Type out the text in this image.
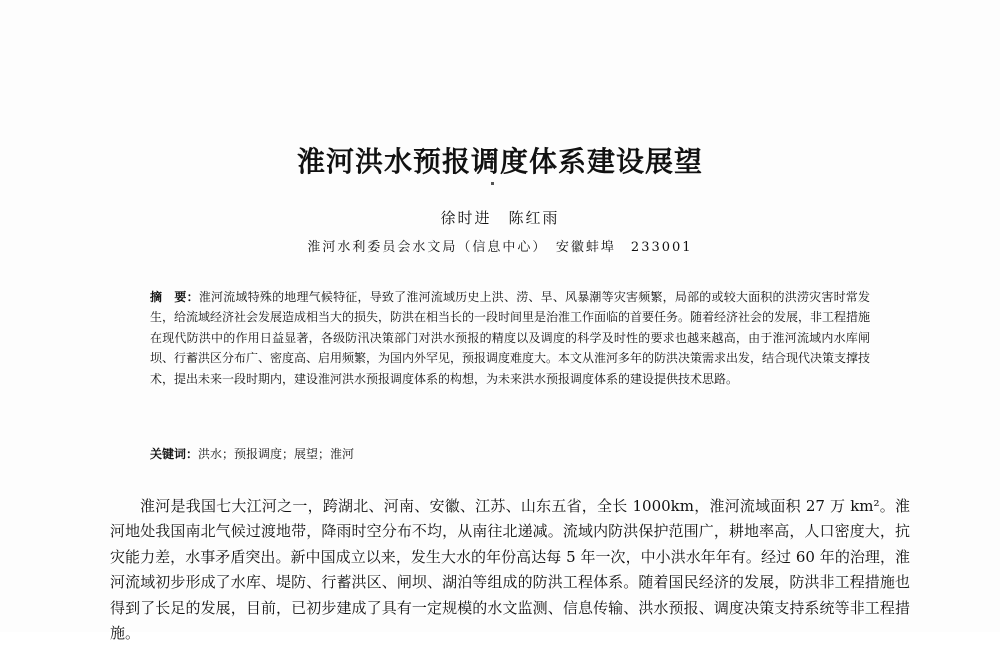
淮河洪水预报调度体系建设展望
徐时进　陈红雨
淮河水利委员会水文局（信息中心）　安徽蚌埠　233001
摘　要：淮河流域特殊的地理气候特征，导致了淮河流域历史上洪、涝、旱、风暴潮等灾害频繁，局部的或较大面积的洪涝灾害时常发生，给流域经济社会发展造成相当大的损失，防洪在相当长的一段时间里是治淮工作面临的首要任务。随着经济社会的发展，非工程措施在现代防洪中的作用日益显著，各级防汛决策部门对洪水预报的精度以及调度的科学及时性的要求也越来越高，由于淮河流域内水库闸坝、行蓄洪区分布广、密度高、启用频繁，为国内外罕见，预报调度难度大。本文从淮河多年的防洪决策需求出发，结合现代决策支撑技术，提出未来一段时期内，建设淮河洪水预报调度体系的构想，为未来洪水预报调度体系的建设提供技术思路。
关键词：洪水；预报调度；展望；淮河

淮河是我国七大江河之一，跨湖北、河南、安徽、江苏、山东五省，全长 1000km，淮河流域面积 27 万 km²。淮河地处我国南北气候过渡地带，降雨时空分布不均，从南往北递减。流域内防洪保护范围广，耕地率高，人口密度大，抗灾能力差，水事矛盾突出。新中国成立以来，发生大水的年份高达每 5 年一次，中小洪水年年有。经过 60 年的治理，淮河流域初步形成了水库、堤防、行蓄洪区、闸坝、湖泊等组成的防洪工程体系。随着国民经济的发展，防洪非工程措施也得到了长足的发展，目前，已初步建成了具有一定规模的水文监测、信息传输、洪水预报、调度决策支持系统等非工程措施。
